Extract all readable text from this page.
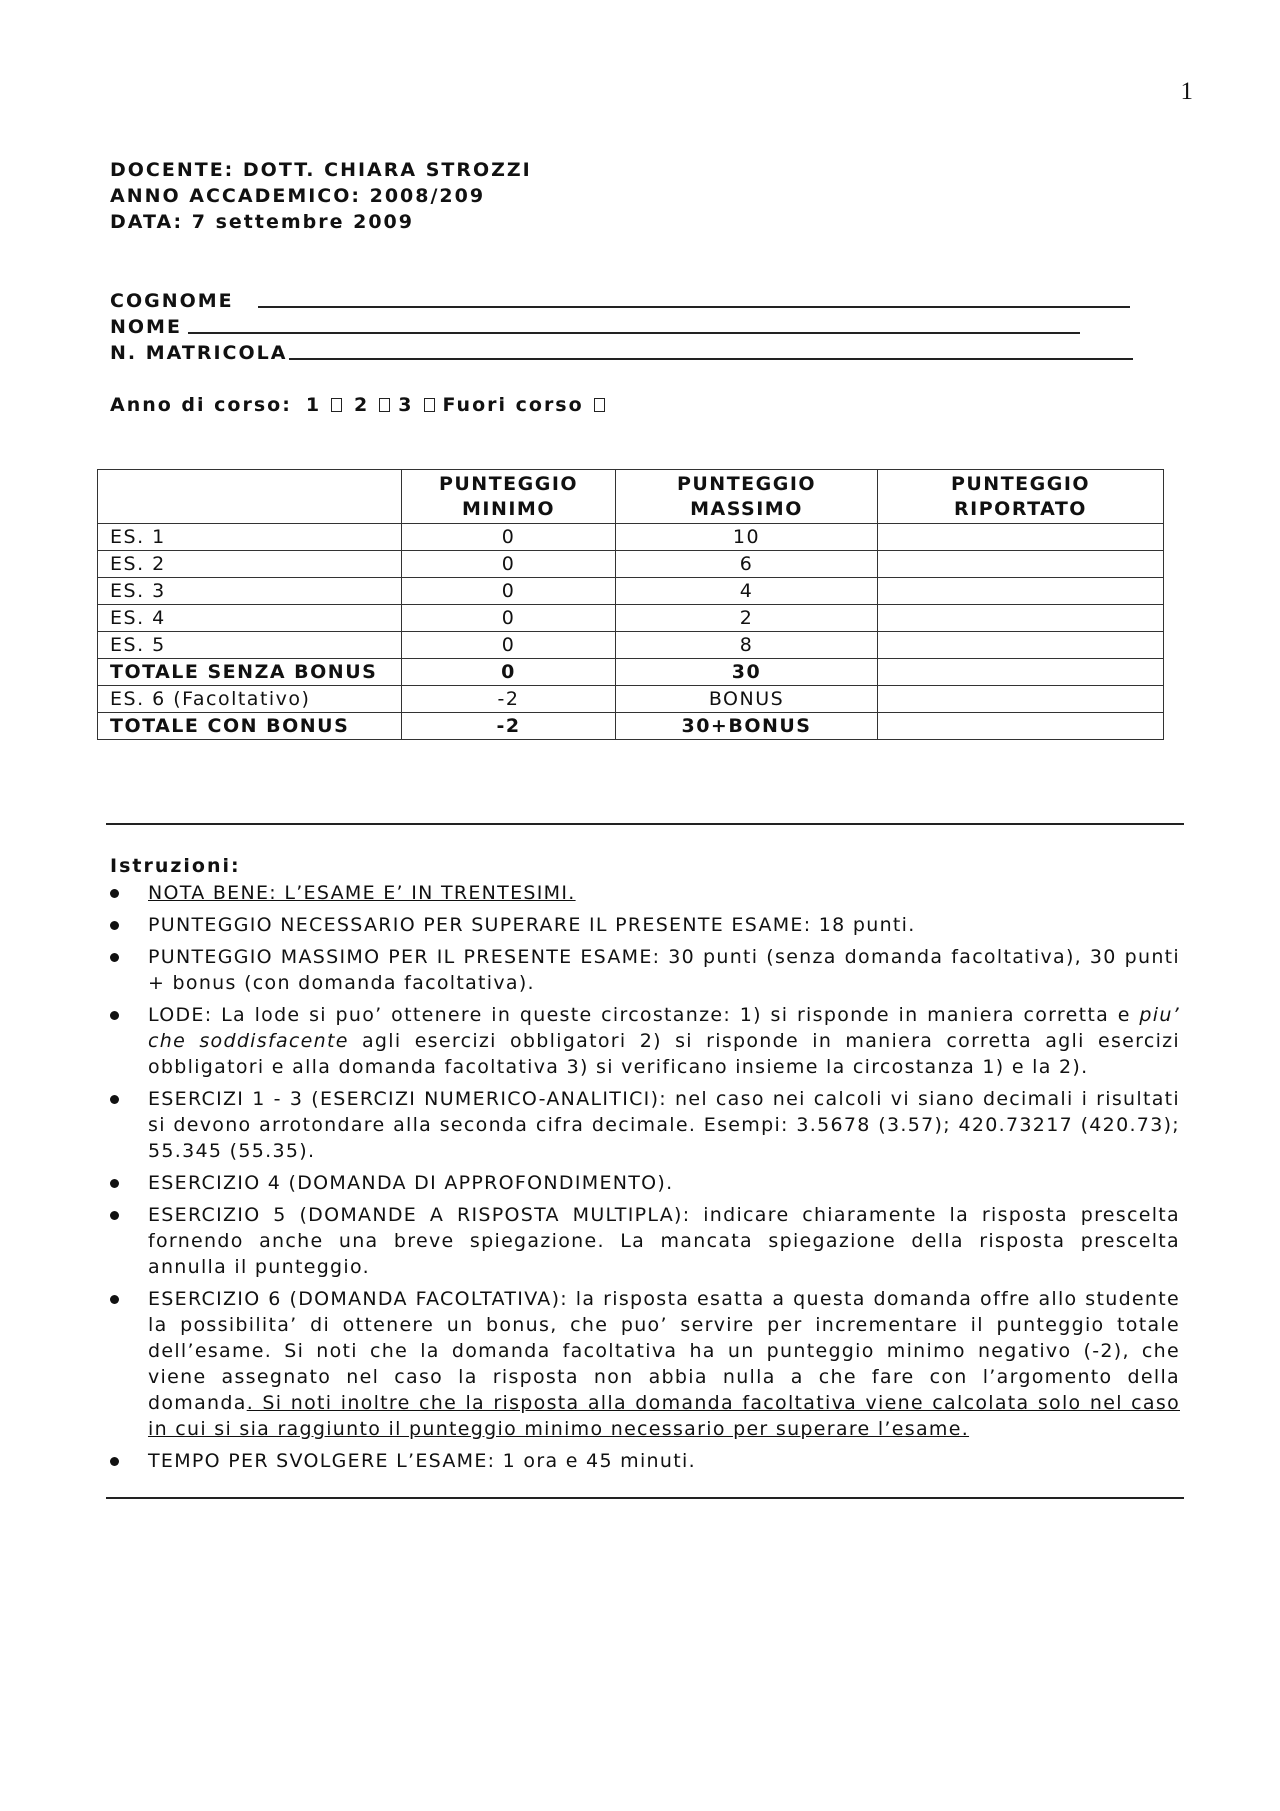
1
DOCENTE: DOTT. CHIARA STROZZI
ANNO ACCADEMICO: 2008/209
DATA: 7 settembre 2009
COGNOME
NOME
N. MATRICOLA
Anno di corso: 1 2 3 Fuori corso
	PUNTEGGIO MINIMO	PUNTEGGIO MASSIMO	PUNTEGGIO RIPORTATO
ES. 1	0	10	
ES. 2	0	6	
ES. 3	0	4	
ES. 4	0	2	
ES. 5	0	8	
TOTALE SENZA BONUS	0	30	
ES. 6 (Facoltativo)	-2	BONUS	
TOTALE CON BONUS	-2	30+BONUS	
Istruzioni:
NOTA BENE: L’ESAME E’ IN TRENTESIMI.
PUNTEGGIO NECESSARIO PER SUPERARE IL PRESENTE ESAME: 18 punti.
PUNTEGGIO MASSIMO PER IL PRESENTE ESAME: 30 punti (senza domanda facoltativa), 30 punti + bonus (con domanda facoltativa).
LODE: La lode si puo’ ottenere in queste circostanze: 1) si risponde in maniera corretta e piu’ che soddisfacente agli esercizi obbligatori 2) si risponde in maniera corretta agli esercizi obbligatori e alla domanda facoltativa 3) si verificano insieme la circostanza 1) e la 2).
ESERCIZI 1 - 3 (ESERCIZI NUMERICO-ANALITICI): nel caso nei calcoli vi siano decimali i risultati si devono arrotondare alla seconda cifra decimale. Esempi: 3.5678 (3.57); 420.73217 (420.73); 55.345 (55.35).
ESERCIZIO 4 (DOMANDA DI APPROFONDIMENTO).
ESERCIZIO 5 (DOMANDE A RISPOSTA MULTIPLA): indicare chiaramente la risposta prescelta fornendo anche una breve spiegazione. La mancata spiegazione della risposta prescelta annulla il punteggio.
ESERCIZIO 6 (DOMANDA FACOLTATIVA): la risposta esatta a questa domanda offre allo studente la possibilita’ di ottenere un bonus, che puo’ servire per incrementare il punteggio totale dell’esame. Si noti che la domanda facoltativa ha un punteggio minimo negativo (-2), che viene assegnato nel caso la risposta non abbia nulla a che fare con l’argomento della domanda. Si noti inoltre che la risposta alla domanda facoltativa viene calcolata solo nel caso in cui si sia raggiunto il punteggio minimo necessario per superare l’esame.
TEMPO PER SVOLGERE L’ESAME: 1 ora e 45 minuti.
